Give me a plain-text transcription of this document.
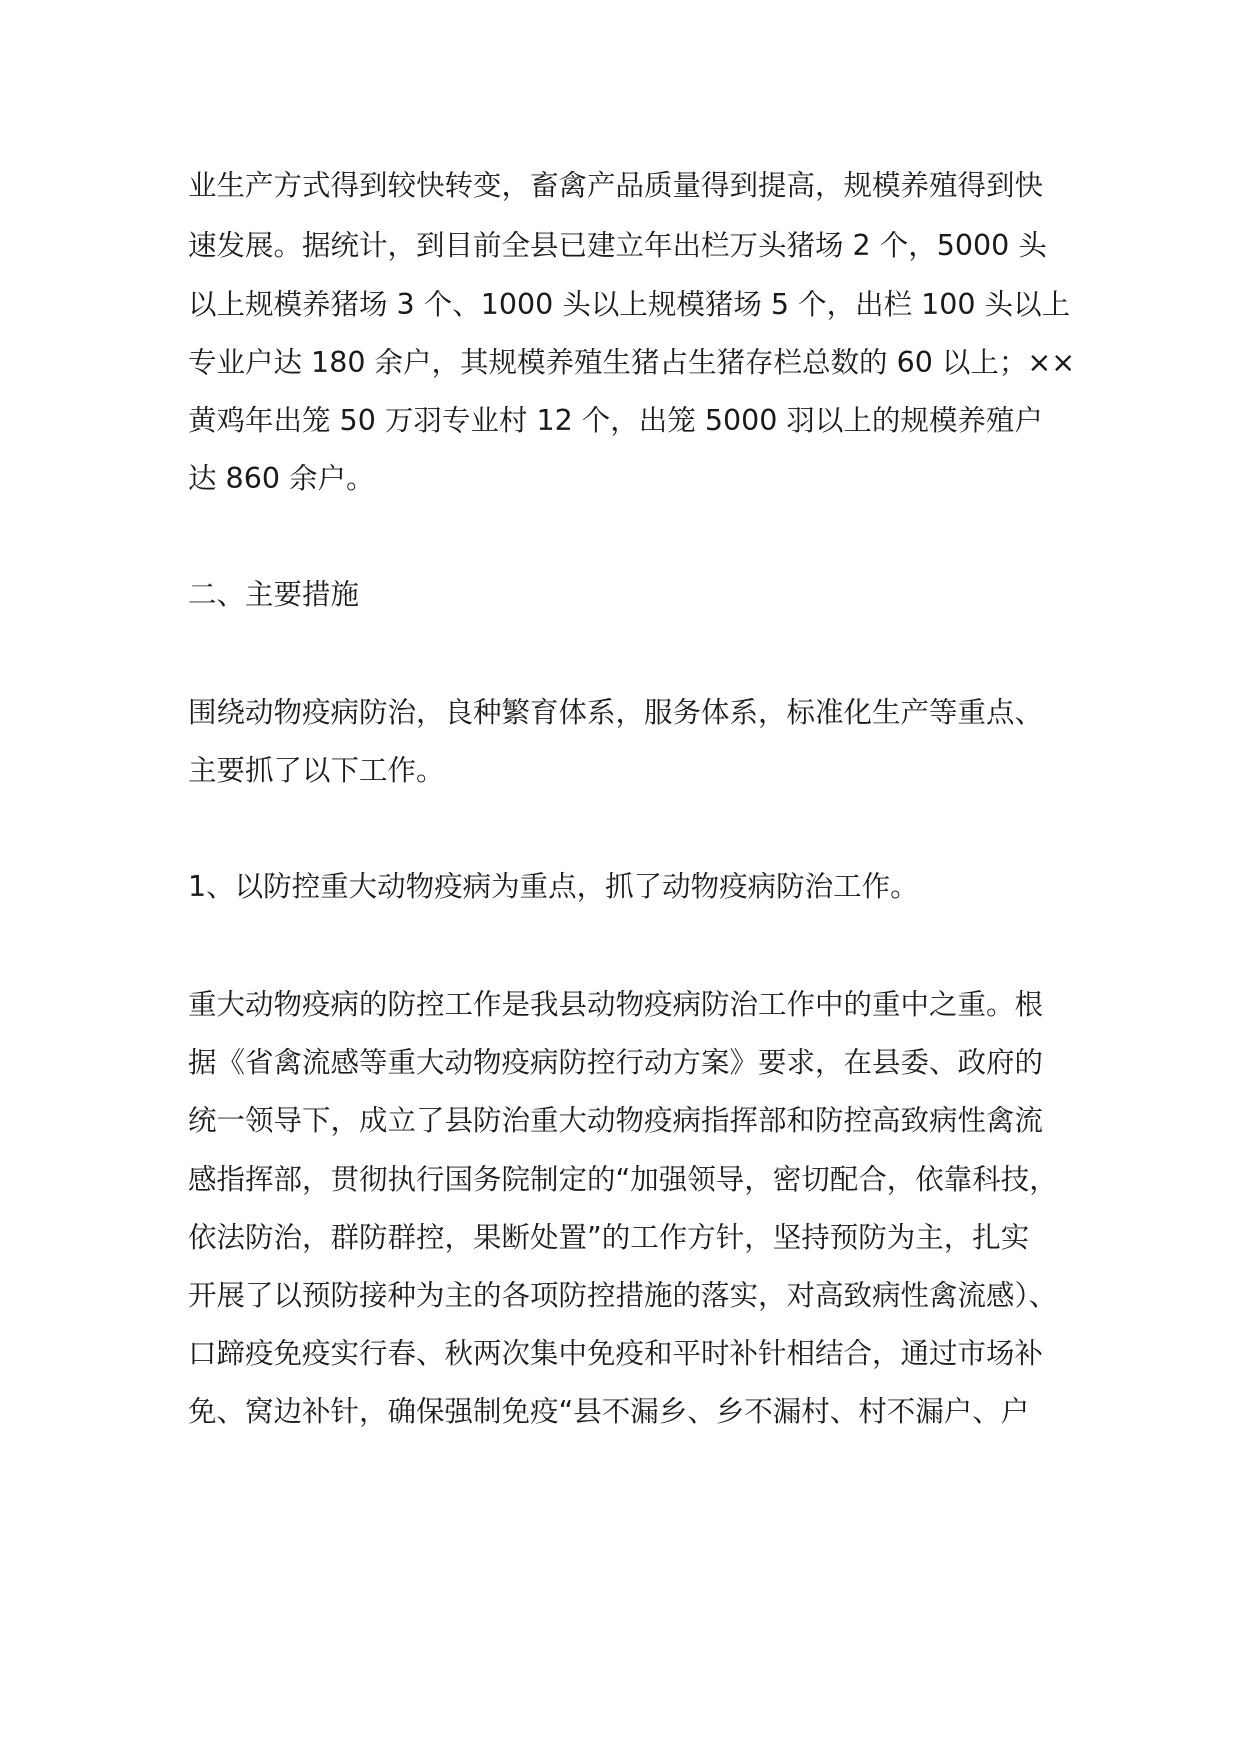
业生产方式得到较快转变，畜禽产品质量得到提高，规模养殖得到快

速发展。据统计，到目前全县已建立年出栏万头猪场 2 个，5000 头

以上规模养猪场 3 个、1000 头以上规模猪场 5 个，出栏 100 头以上

专业户达 180 余户，其规模养殖生猪占生猪存栏总数的 60 以上；××

黄鸡年出笼 50 万羽专业村 12 个，出笼 5000 羽以上的规模养殖户

达 860 余户。

二、主要措施

围绕动物疫病防治，良种繁育体系，服务体系，标准化生产等重点、

主要抓了以下工作。

1、以防控重大动物疫病为重点，抓了动物疫病防治工作。

重大动物疫病的防控工作是我县动物疫病防治工作中的重中之重。根

据《省禽流感等重大动物疫病防控行动方案》要求，在县委、政府的

统一领导下，成立了县防治重大动物疫病指挥部和防控高致病性禽流

感指挥部，贯彻执行国务院制定的“加强领导，密切配合，依靠科技，

依法防治，群防群控，果断处置”的工作方针，坚持预防为主，扎实

开展了以预防接种为主的各项防控措施的落实，对高致病性禽流感）、

口蹄疫免疫实行春、秋两次集中免疫和平时补针相结合，通过市场补

免、窝边补针，确保强制免疫“县不漏乡、乡不漏村、村不漏户、户
